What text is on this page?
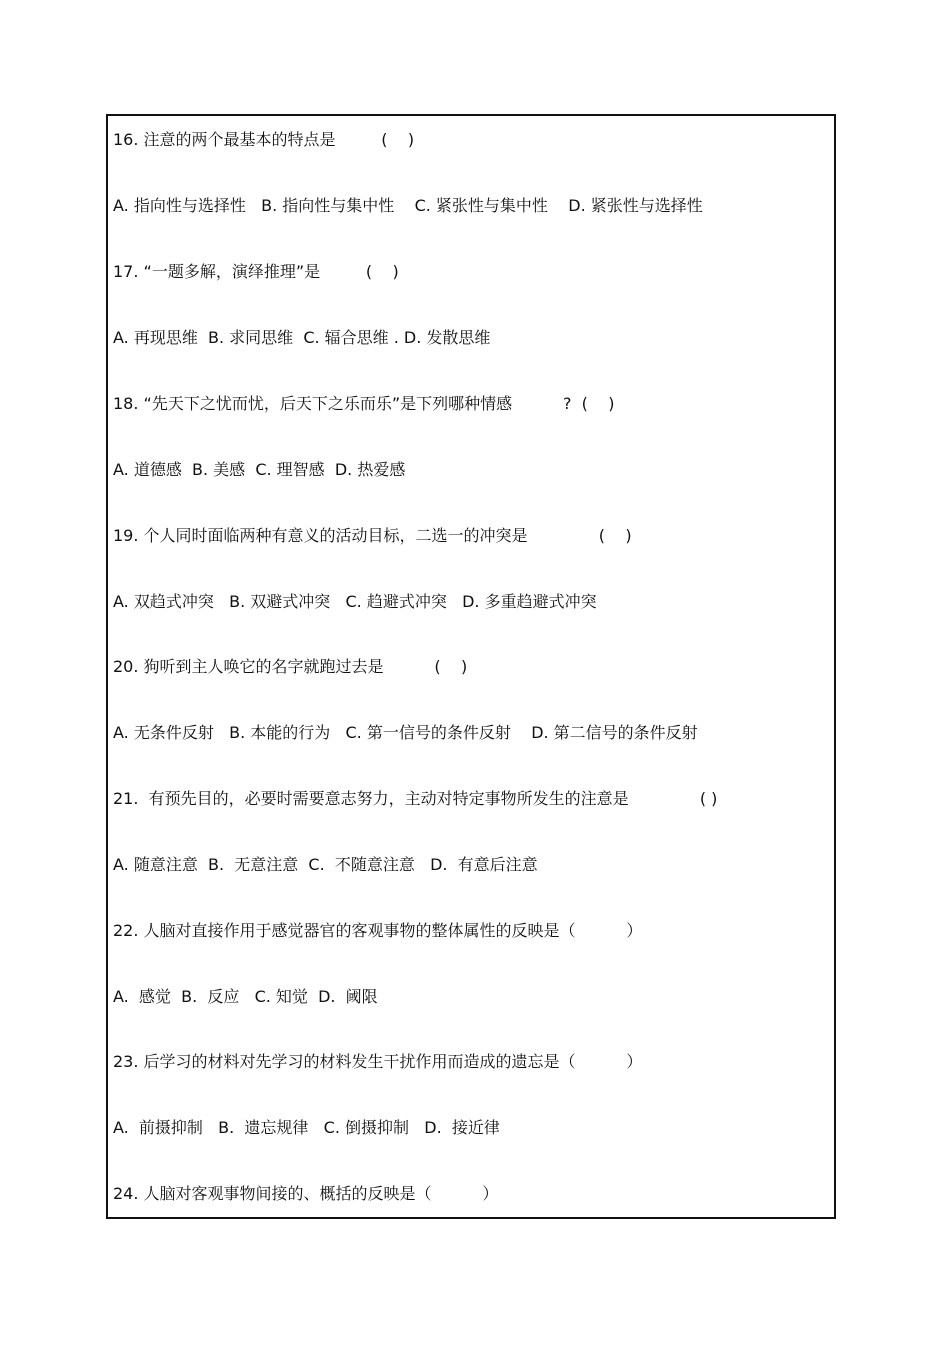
16. 注意的两个最基本的特点是         (    )
A. 指向性与选择性   B. 指向性与集中性    C. 紧张性与集中性    D. 紧张性与选择性
17. “一题多解，演绎推理”是         (    )
A. 再现思维  B. 求同思维  C. 辐合思维 . D. 发散思维
18. “先天下之忧而忧，后天下之乐而乐”是下列哪种情感          ?  (    )
A. 道德感  B. 美感  C. 理智感  D. 热爱感
19. 个人同时面临两种有意义的活动目标，二选一的冲突是              (    )
A. 双趋式冲突   B. 双避式冲突   C. 趋避式冲突   D. 多重趋避式冲突
20. 狗听到主人唤它的名字就跑过去是          (    )
A. 无条件反射   B. 本能的行为   C. 第一信号的条件反射    D. 第二信号的条件反射
21.  有预先目的，必要时需要意志努力，主动对特定事物所发生的注意是              ( )
A. 随意注意  B.  无意注意  C.  不随意注意   D.  有意后注意
22. 人脑对直接作用于感觉器官的客观事物的整体属性的反映是（          ）
A.  感觉  B.  反应   C. 知觉  D.  阈限
23. 后学习的材料对先学习的材料发生干扰作用而造成的遗忘是（          ）
A.  前摄抑制   B.  遗忘规律   C. 倒摄抑制   D.  接近律
24. 人脑对客观事物间接的、概括的反映是（          ）
